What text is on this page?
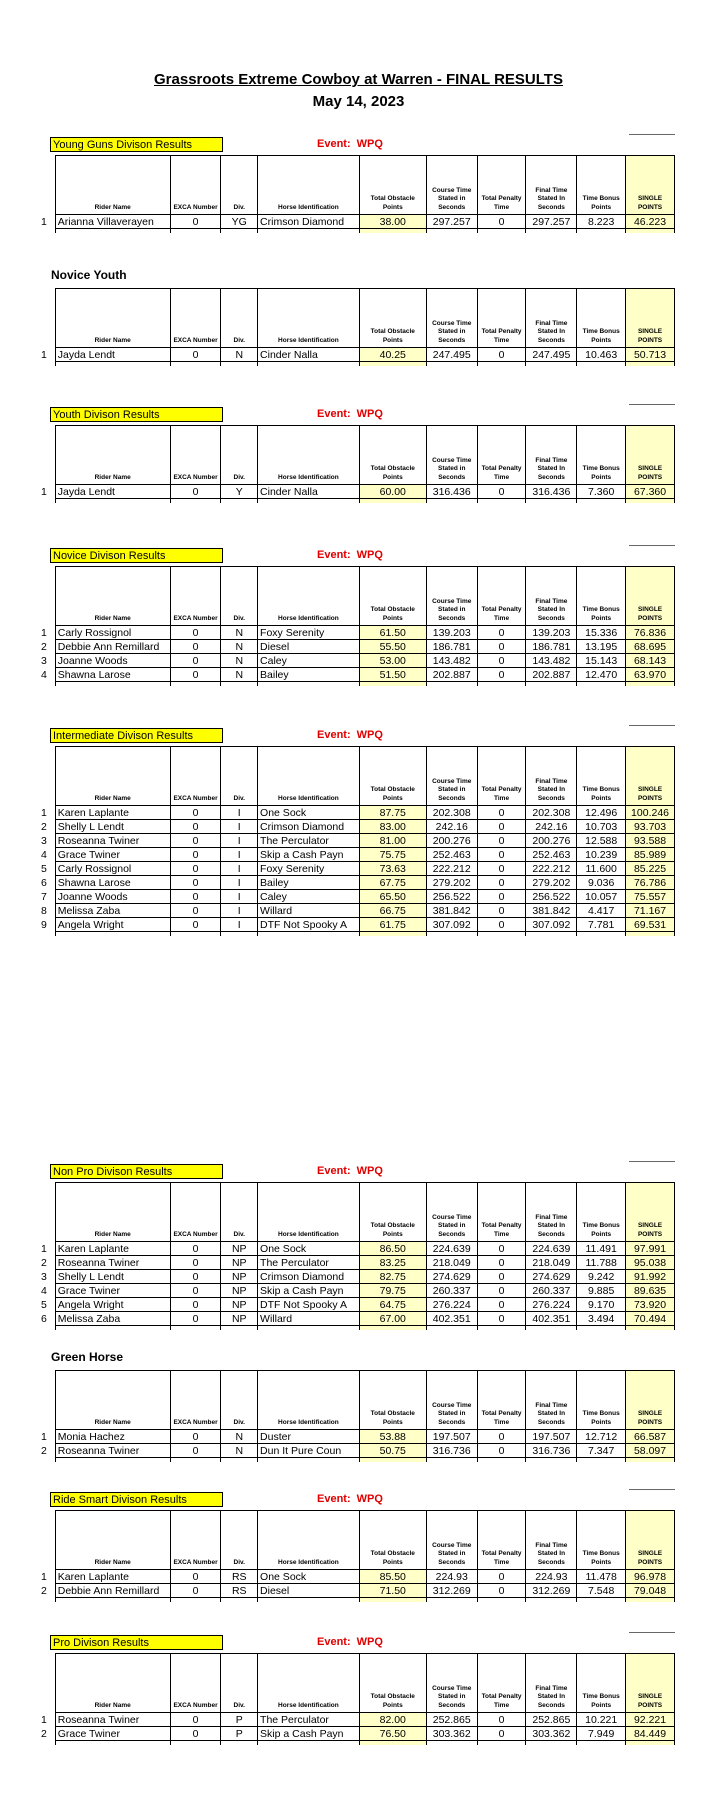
Grassroots Extreme Cowboy at Warren - FINAL RESULTS
May 14, 2023
Young Guns Divison Results	Event: WPQ
	Rider Name	EXCA Number	Div.	Horse Identification	Total Obstacle Points	Course Time Stated in Seconds	Total Penalty Time	Final Time Stated In Seconds	Time Bonus Points	SINGLE POINTS
1	Arianna Villaverayen	0	YG	Crimson Diamond	38.00	297.257	0	297.257	8.223	46.223

Novice Youth
	Rider Name	EXCA Number	Div.	Horse Identification	Total Obstacle Points	Course Time Stated in Seconds	Total Penalty Time	Final Time Stated In Seconds	Time Bonus Points	SINGLE POINTS
1	Jayda Lendt	0	N	Cinder Nalla	40.25	247.495	0	247.495	10.463	50.713

Youth Divison Results	Event: WPQ
	Rider Name	EXCA Number	Div.	Horse Identification	Total Obstacle Points	Course Time Stated in Seconds	Total Penalty Time	Final Time Stated In Seconds	Time Bonus Points	SINGLE POINTS
1	Jayda Lendt	0	Y	Cinder Nalla	60.00	316.436	0	316.436	7.360	67.360

Novice Divison Results	Event: WPQ
	Rider Name	EXCA Number	Div.	Horse Identification	Total Obstacle Points	Course Time Stated in Seconds	Total Penalty Time	Final Time Stated In Seconds	Time Bonus Points	SINGLE POINTS
1	Carly Rossignol	0	N	Foxy Serenity	61.50	139.203	0	139.203	15.336	76.836
2	Debbie Ann Remillard	0	N	Diesel	55.50	186.781	0	186.781	13.195	68.695
3	Joanne Woods	0	N	Caley	53.00	143.482	0	143.482	15.143	68.143
4	Shawna Larose	0	N	Bailey	51.50	202.887	0	202.887	12.470	63.970

Intermediate Divison Results	Event: WPQ
	Rider Name	EXCA Number	Div.	Horse Identification	Total Obstacle Points	Course Time Stated in Seconds	Total Penalty Time	Final Time Stated In Seconds	Time Bonus Points	SINGLE POINTS
1	Karen Laplante	0	I	One Sock	87.75	202.308	0	202.308	12.496	100.246
2	Shelly L Lendt	0	I	Crimson Diamond	83.00	242.16	0	242.16	10.703	93.703
3	Roseanna Twiner	0	I	The Perculator	81.00	200.276	0	200.276	12.588	93.588
4	Grace Twiner	0	I	Skip a Cash Payn	75.75	252.463	0	252.463	10.239	85.989
5	Carly Rossignol	0	I	Foxy Serenity	73.63	222.212	0	222.212	11.600	85.225
6	Shawna Larose	0	I	Bailey	67.75	279.202	0	279.202	9.036	76.786
7	Joanne Woods	0	I	Caley	65.50	256.522	0	256.522	10.057	75.557
8	Melissa Zaba	0	I	Willard	66.75	381.842	0	381.842	4.417	71.167
9	Angela Wright	0	I	DTF Not Spooky A	61.75	307.092	0	307.092	7.781	69.531

Non Pro Divison Results	Event: WPQ
	Rider Name	EXCA Number	Div.	Horse Identification	Total Obstacle Points	Course Time Stated in Seconds	Total Penalty Time	Final Time Stated In Seconds	Time Bonus Points	SINGLE POINTS
1	Karen Laplante	0	NP	One Sock	86.50	224.639	0	224.639	11.491	97.991
2	Roseanna Twiner	0	NP	The Perculator	83.25	218.049	0	218.049	11.788	95.038
3	Shelly L Lendt	0	NP	Crimson Diamond	82.75	274.629	0	274.629	9.242	91.992
4	Grace Twiner	0	NP	Skip a Cash Payn	79.75	260.337	0	260.337	9.885	89.635
5	Angela Wright	0	NP	DTF Not Spooky A	64.75	276.224	0	276.224	9.170	73.920
6	Melissa Zaba	0	NP	Willard	67.00	402.351	0	402.351	3.494	70.494

Green Horse
	Rider Name	EXCA Number	Div.	Horse Identification	Total Obstacle Points	Course Time Stated in Seconds	Total Penalty Time	Final Time Stated In Seconds	Time Bonus Points	SINGLE POINTS
1	Monia Hachez	0	N	Duster	53.88	197.507	0	197.507	12.712	66.587
2	Roseanna Twiner	0	N	Dun It Pure Coun	50.75	316.736	0	316.736	7.347	58.097

Ride Smart Divison Results	Event: WPQ
	Rider Name	EXCA Number	Div.	Horse Identification	Total Obstacle Points	Course Time Stated in Seconds	Total Penalty Time	Final Time Stated In Seconds	Time Bonus Points	SINGLE POINTS
1	Karen Laplante	0	RS	One Sock	85.50	224.93	0	224.93	11.478	96.978
2	Debbie Ann Remillard	0	RS	Diesel	71.50	312.269	0	312.269	7.548	79.048

Pro Divison Results	Event: WPQ
	Rider Name	EXCA Number	Div.	Horse Identification	Total Obstacle Points	Course Time Stated in Seconds	Total Penalty Time	Final Time Stated In Seconds	Time Bonus Points	SINGLE POINTS
1	Roseanna Twiner	0	P	The Perculator	82.00	252.865	0	252.865	10.221	92.221
2	Grace Twiner	0	P	Skip a Cash Payn	76.50	303.362	0	303.362	7.949	84.449
